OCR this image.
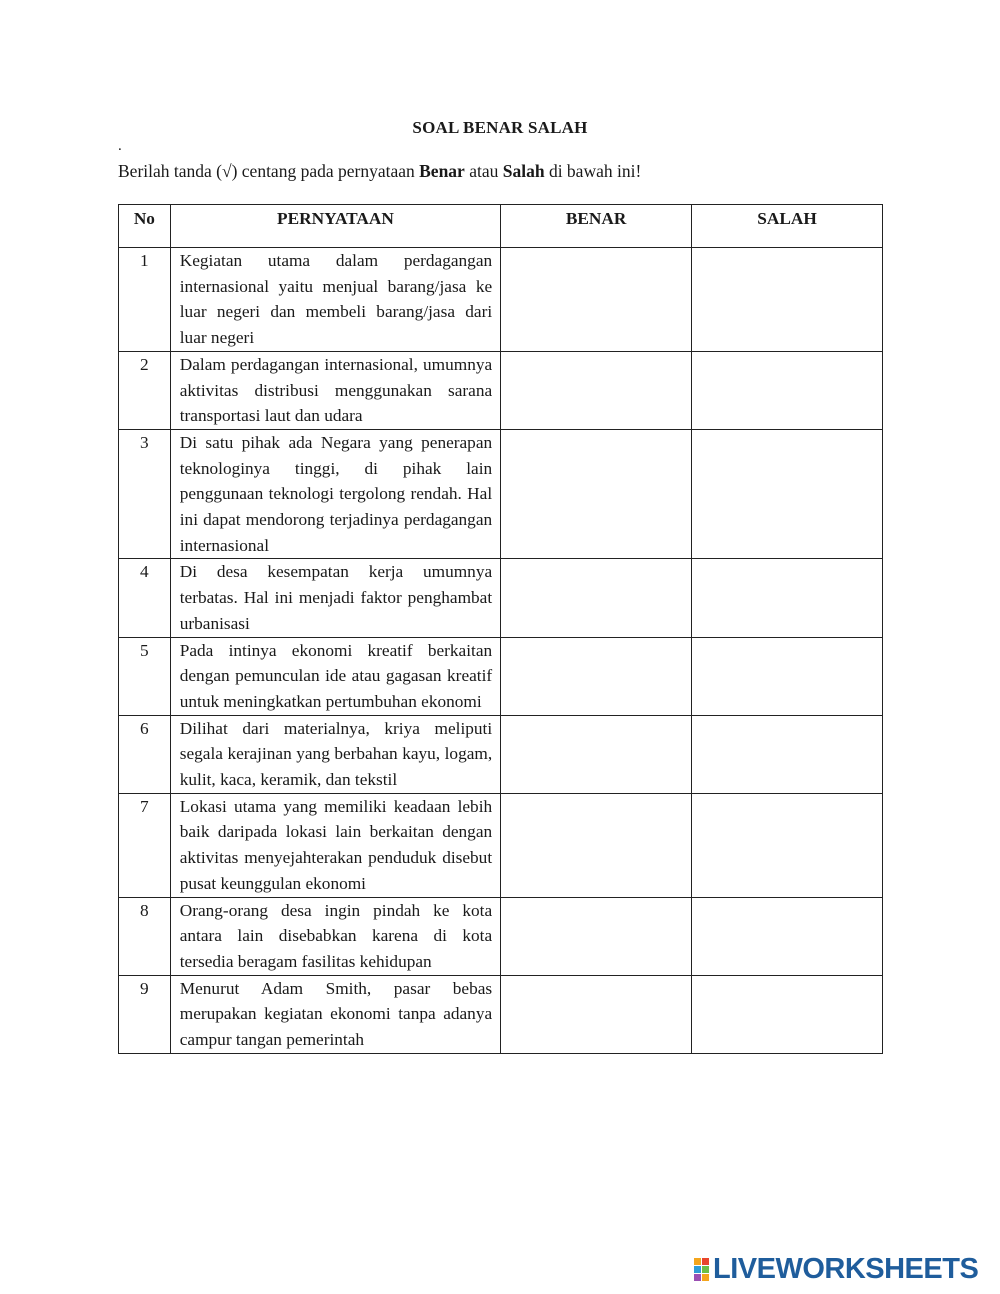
SOAL BENAR SALAH
.
Berilah tanda (√) centang pada pernyataan Benar atau Salah di bawah ini!
No	PERNYATAAN	BENAR	SALAH
1	Kegiatan utama dalam perdagangan internasional yaitu menjual barang/jasa ke luar negeri dan membeli barang/jasa dari luar negeri		
2	Dalam perdagangan internasional, umumnya aktivitas distribusi menggunakan sarana transportasi laut dan udara		
3	Di satu pihak ada Negara yang penerapan teknologinya tinggi, di pihak lain penggunaan teknologi tergolong rendah. Hal ini dapat mendorong terjadinya perdagangan internasional		
4	Di desa kesempatan kerja umumnya terbatas. Hal ini menjadi faktor penghambat urbanisasi		
5	Pada intinya ekonomi kreatif berkaitan dengan pemunculan ide atau gagasan kreatif untuk meningkatkan pertumbuhan ekonomi		
6	Dilihat dari materialnya, kriya meliputi segala kerajinan yang berbahan kayu, logam, kulit, kaca, keramik, dan tekstil		
7	Lokasi utama yang memiliki keadaan lebih baik daripada lokasi lain berkaitan dengan aktivitas menyejahterakan penduduk disebut pusat keunggulan ekonomi		
8	Orang-orang desa ingin pindah ke kota antara lain disebabkan karena di kota tersedia beragam fasilitas kehidupan		
9	Menurut Adam Smith, pasar bebas merupakan kegiatan ekonomi tanpa adanya campur tangan pemerintah		
LIVEWORKSHEETS
